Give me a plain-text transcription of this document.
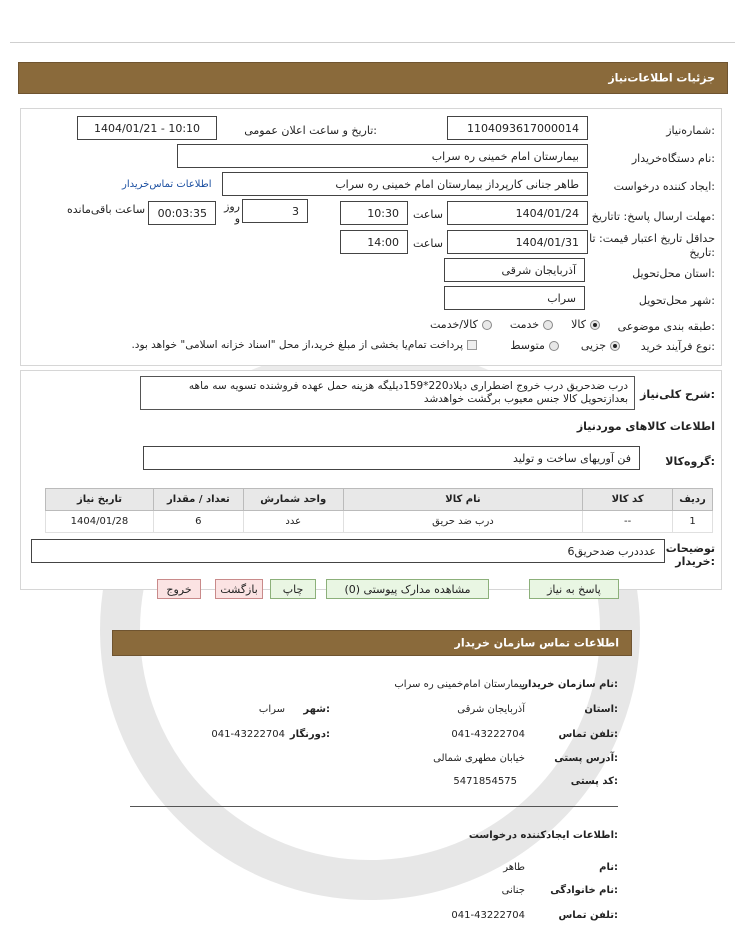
جزئیات اطلاعات‌نیاز
شماره‌نیاز:
1104093617000014
تاریخ و ساعت اعلان عمومی:
1404/01/21 - 10:10
نام دستگاه‌خریدار:
بیمارستان امام خمینی ره سراب
ایجاد کننده درخواست:
طاهر جنانی کارپرداز بیمارستان امام خمینی ره سراب
اطلاعات تماس‌خریدار
مهلت ارسال پاسخ: تاتاریخ:
1404/01/24
ساعت
10:30
3
روز و
00:03:35
ساعت باقی‌مانده
حداقل تاریخ اعتبار قیمت: تا تاریخ:
1404/01/31
ساعت
14:00
استان محل‌تحویل:
آذربایجان شرقی
شهر محل‌تحویل:
سراب
طبقه بندی موضوعی:
کالا
خدمت
کالا/خدمت
نوع فرآیند خرید:
جزیی
متوسط
پرداخت تمام‌یا بخشی از مبلغ خرید،از محل "اسناد خزانه اسلامی" خواهد بود.
شرح کلی‌نیاز:
درب ضدحریق درب خروج اضطراری دیلاد220*159دیلیگه هزینه حمل عهده فروشنده تسویه سه ماهه بعدازتحویل کالا جنس معیوب برگشت خواهدشد
اطلاعات کالاهای موردنیاز
گروه‌کالا:
فن آوریهای ساخت و تولید
ردیف	کد کالا	نام کالا	واحد شمارش	تعداد / مقدار	تاریخ نیاز
1	--	درب ضد حریق	عدد	6	1404/01/28
توضیحات خریدار:
6عدددرب ضدحریق
پاسخ به نیاز
مشاهده مدارک پیوستی (0)
چاپ
بازگشت
خروج
اطلاعات تماس سازمان خریدار
نام سازمان خریدار:
بیمارستان امام‌خمینی ره سراب
استان:
آذربایجان شرقی
شهر:
سراب
تلفن تماس:
041-43222704
دورنگار:
041-43222704
آدرس پستی:
خیابان مطهری شمالی
کد پستی:
5471854575
اطلاعات ایجادکننده درخواست:
نام:
طاهر
نام خانوادگی:
جنانی
تلفن تماس:
041-43222704
